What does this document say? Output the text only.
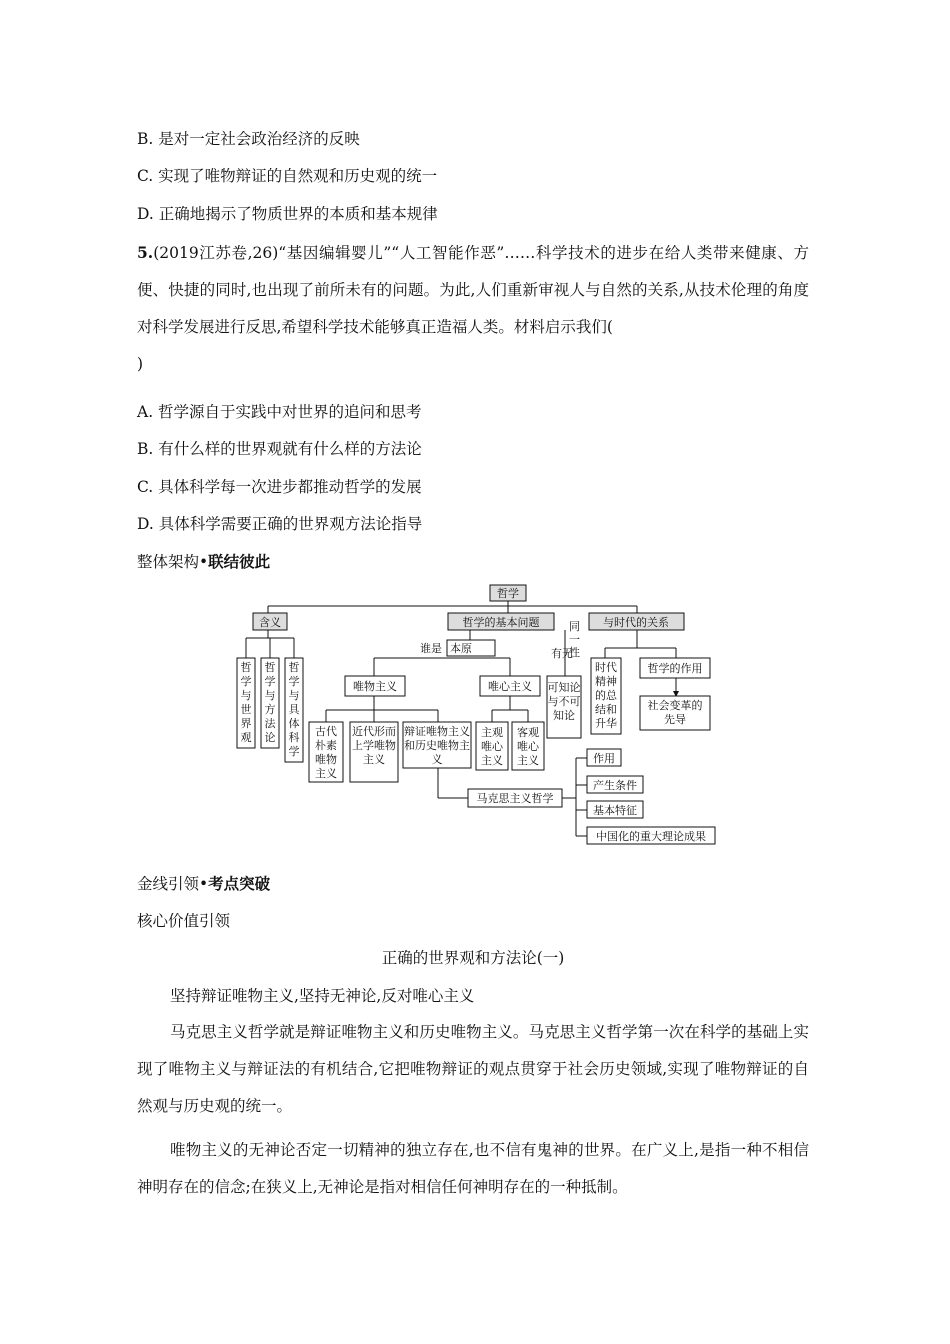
B. 是对一定社会政治经济的反映
C. 实现了唯物辩证的自然观和历史观的统一
D. 正确地揭示了物质世界的本质和基本规律
5.(2019江苏卷,26)“基因编辑婴儿”“人工智能作恶”……科学技术的进步在给人类带来健康、方便、快捷的同时,也出现了前所未有的问题。为此,人们重新审视人与自然的关系,从技术伦理的角度对科学发展进行反思,希望科学技术能够真正造福人类。材料启示我们(
)
A. 哲学源自于实践中对世界的追问和思考
B. 有什么样的世界观就有什么样的方法论
C. 具体科学每一次进步都推动哲学的发展
D. 具体科学需要正确的世界观方法论指导
整体架构•联结彼此
哲学
含义	哲学的基本问题	与时代的关系
谁是 本原	有无
同一性
唯物主义	唯心主义
马克思主义哲学
作用
产生条件
基本特征
中国化的重大理论成果
哲学的作用
哲学与世界观
哲学与方法论
哲学与具体科学
可知论与不可知论
古代朴素唯物主义
近代形而上学唯物主义
辩证唯物主义和历史唯物主义
主观唯心主义
客观唯心主义
时代精神的总结和升华
社会变革的先导
金线引领•考点突破
核心价值引领
正确的世界观和方法论(一)
坚持辩证唯物主义,坚持无神论,反对唯心主义
马克思主义哲学就是辩证唯物主义和历史唯物主义。马克思主义哲学第一次在科学的基础上实现了唯物主义与辩证法的有机结合,它把唯物辩证的观点贯穿于社会历史领域,实现了唯物辩证的自然观与历史观的统一。
唯物主义的无神论否定一切精神的独立存在,也不信有鬼神的世界。在广义上,是指一种不相信神明存在的信念;在狭义上,无神论是指对相信任何神明存在的一种抵制。
